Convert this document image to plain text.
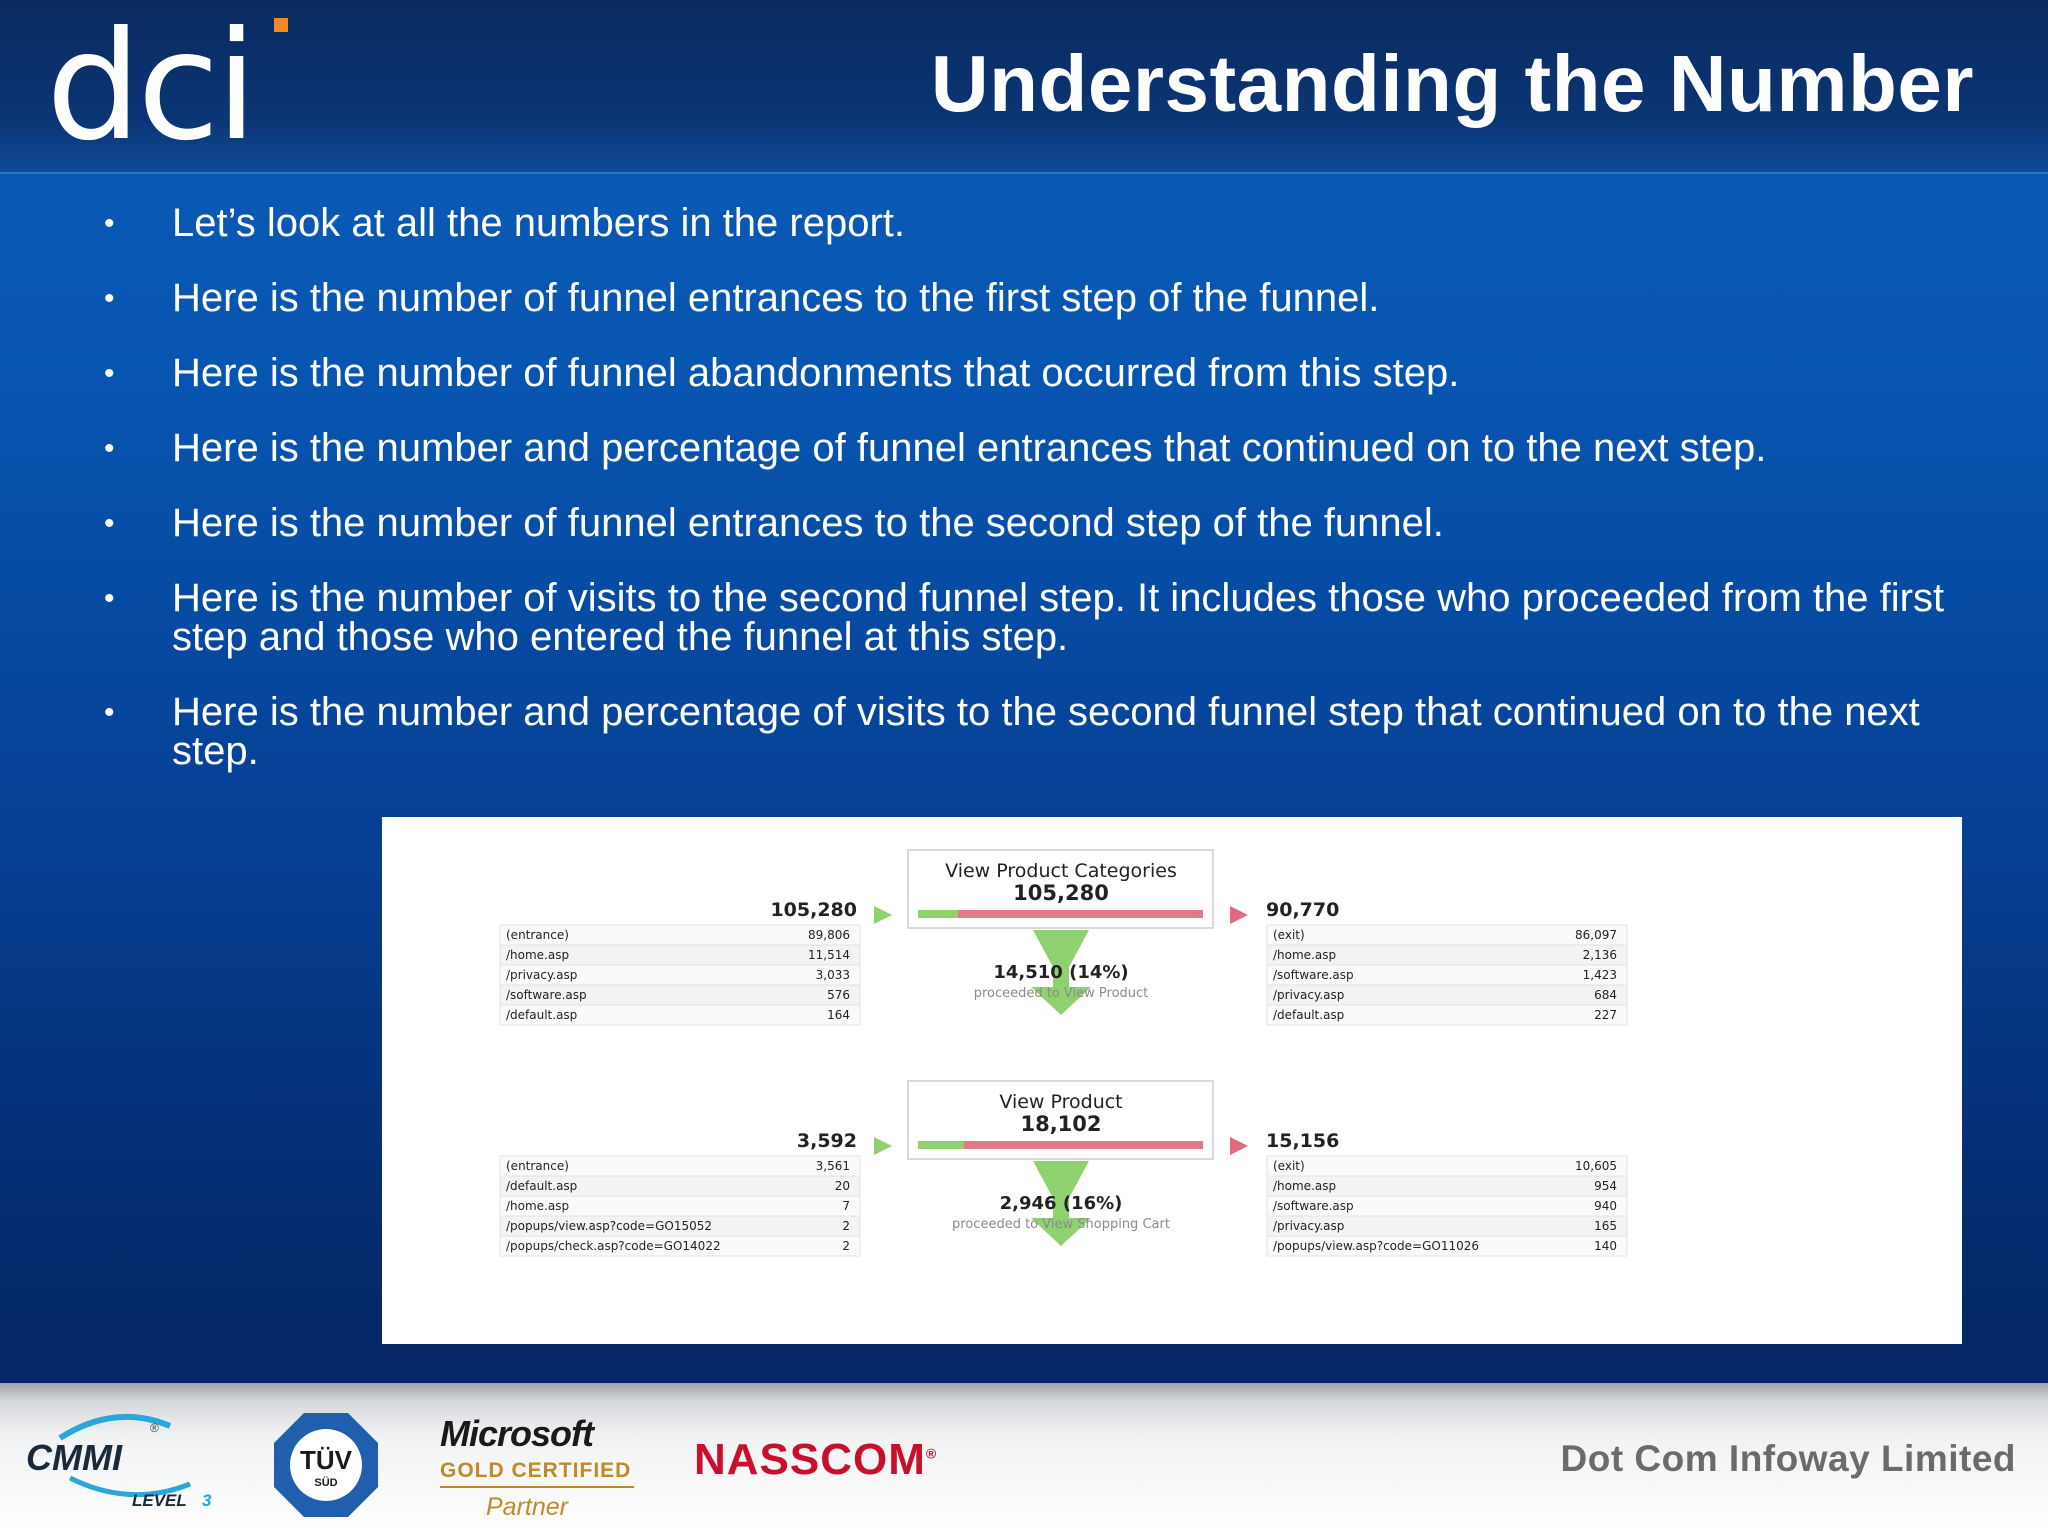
dci	Understanding the Number
• Let’s look at all the numbers in the report.
• Here is the number of funnel entrances to the first step of the funnel.
• Here is the number of funnel abandonments that occurred from this step.
• Here is the number and percentage of funnel entrances that continued on to the next step.
• Here is the number of funnel entrances to the second step of the funnel.
• Here is the number of visits to the second funnel step. It includes those who proceeded from the first step and those who entered the funnel at this step.
• Here is the number and percentage of visits to the second funnel step that continued on to the next step.
View Product Categories
105,280
105,280	90,770
14,510 (14%)
proceeded to View Product
(entrance)	89,806
/home.asp	11,514
/privacy.asp	3,033
/software.asp	576
/default.asp	164
(exit)	86,097
/home.asp	2,136
/software.asp	1,423
/privacy.asp	684
/default.asp	227
View Product
18,102
3,592	15,156
2,946 (16%)
proceeded to View Shopping Cart
(entrance)	3,561
/default.asp	20
/home.asp	7
/popups/view.asp?code=GO15052	2
/popups/check.asp?code=GO14022	2
(exit)	10,605
/home.asp	954
/software.asp	940
/privacy.asp	165
/popups/view.asp?code=GO11026	140
CMMI
®
LEVEL 3
TÜV
SÜD
Microsoft
GOLD CERTIFIED
Partner
NASSCOM®	Dot Com Infoway Limited
